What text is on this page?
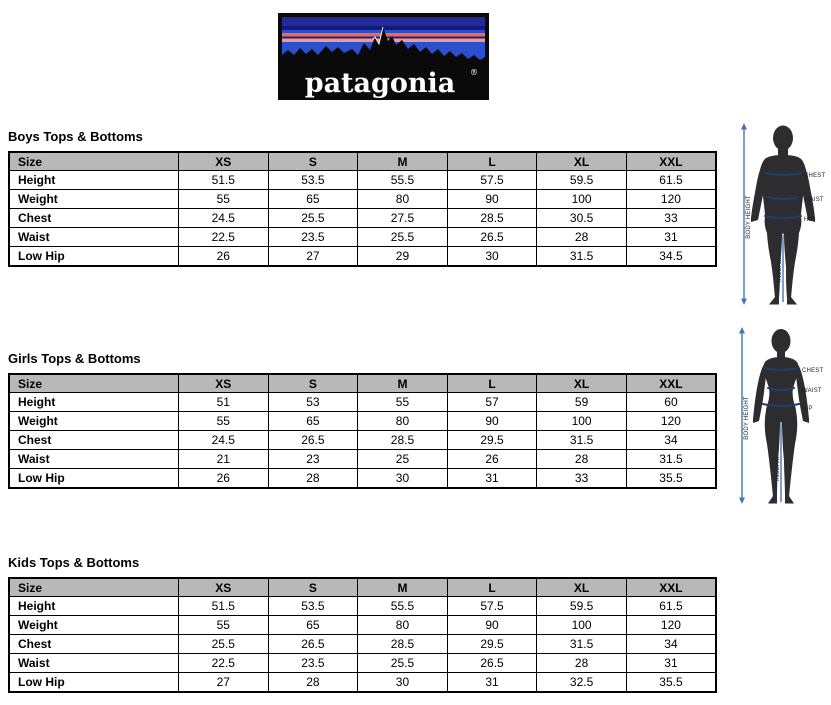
patagonia ®
Boys Tops & Bottoms
Size	XS	S	M	L	XL	XXL
Height	51.5	53.5	55.5	57.5	59.5	61.5
Weight	55	65	80	90	100	120
Chest	24.5	25.5	27.5	28.5	30.5	33
Waist	22.5	23.5	25.5	26.5	28	31
Low Hip	26	27	29	30	31.5	34.5
Girls Tops & Bottoms
Size	XS	S	M	L	XL	XXL
Height	51	53	55	57	59	60
Weight	55	65	80	90	100	120
Chest	24.5	26.5	28.5	29.5	31.5	34
Waist	21	23	25	26	28	31.5
Low Hip	26	28	30	31	33	35.5
Kids Tops & Bottoms
Size	XS	S	M	L	XL	XXL
Height	51.5	53.5	55.5	57.5	59.5	61.5
Weight	55	65	80	90	100	120
Chest	25.5	26.5	28.5	29.5	31.5	34
Waist	22.5	23.5	25.5	26.5	28	31
Low Hip	27	28	30	31	32.5	35.5
BODY HEIGHT
INSEAM
CHEST
WAIST
HIP
BODY HEIGHT
INSEAM
CHEST
WAIST
HIP
